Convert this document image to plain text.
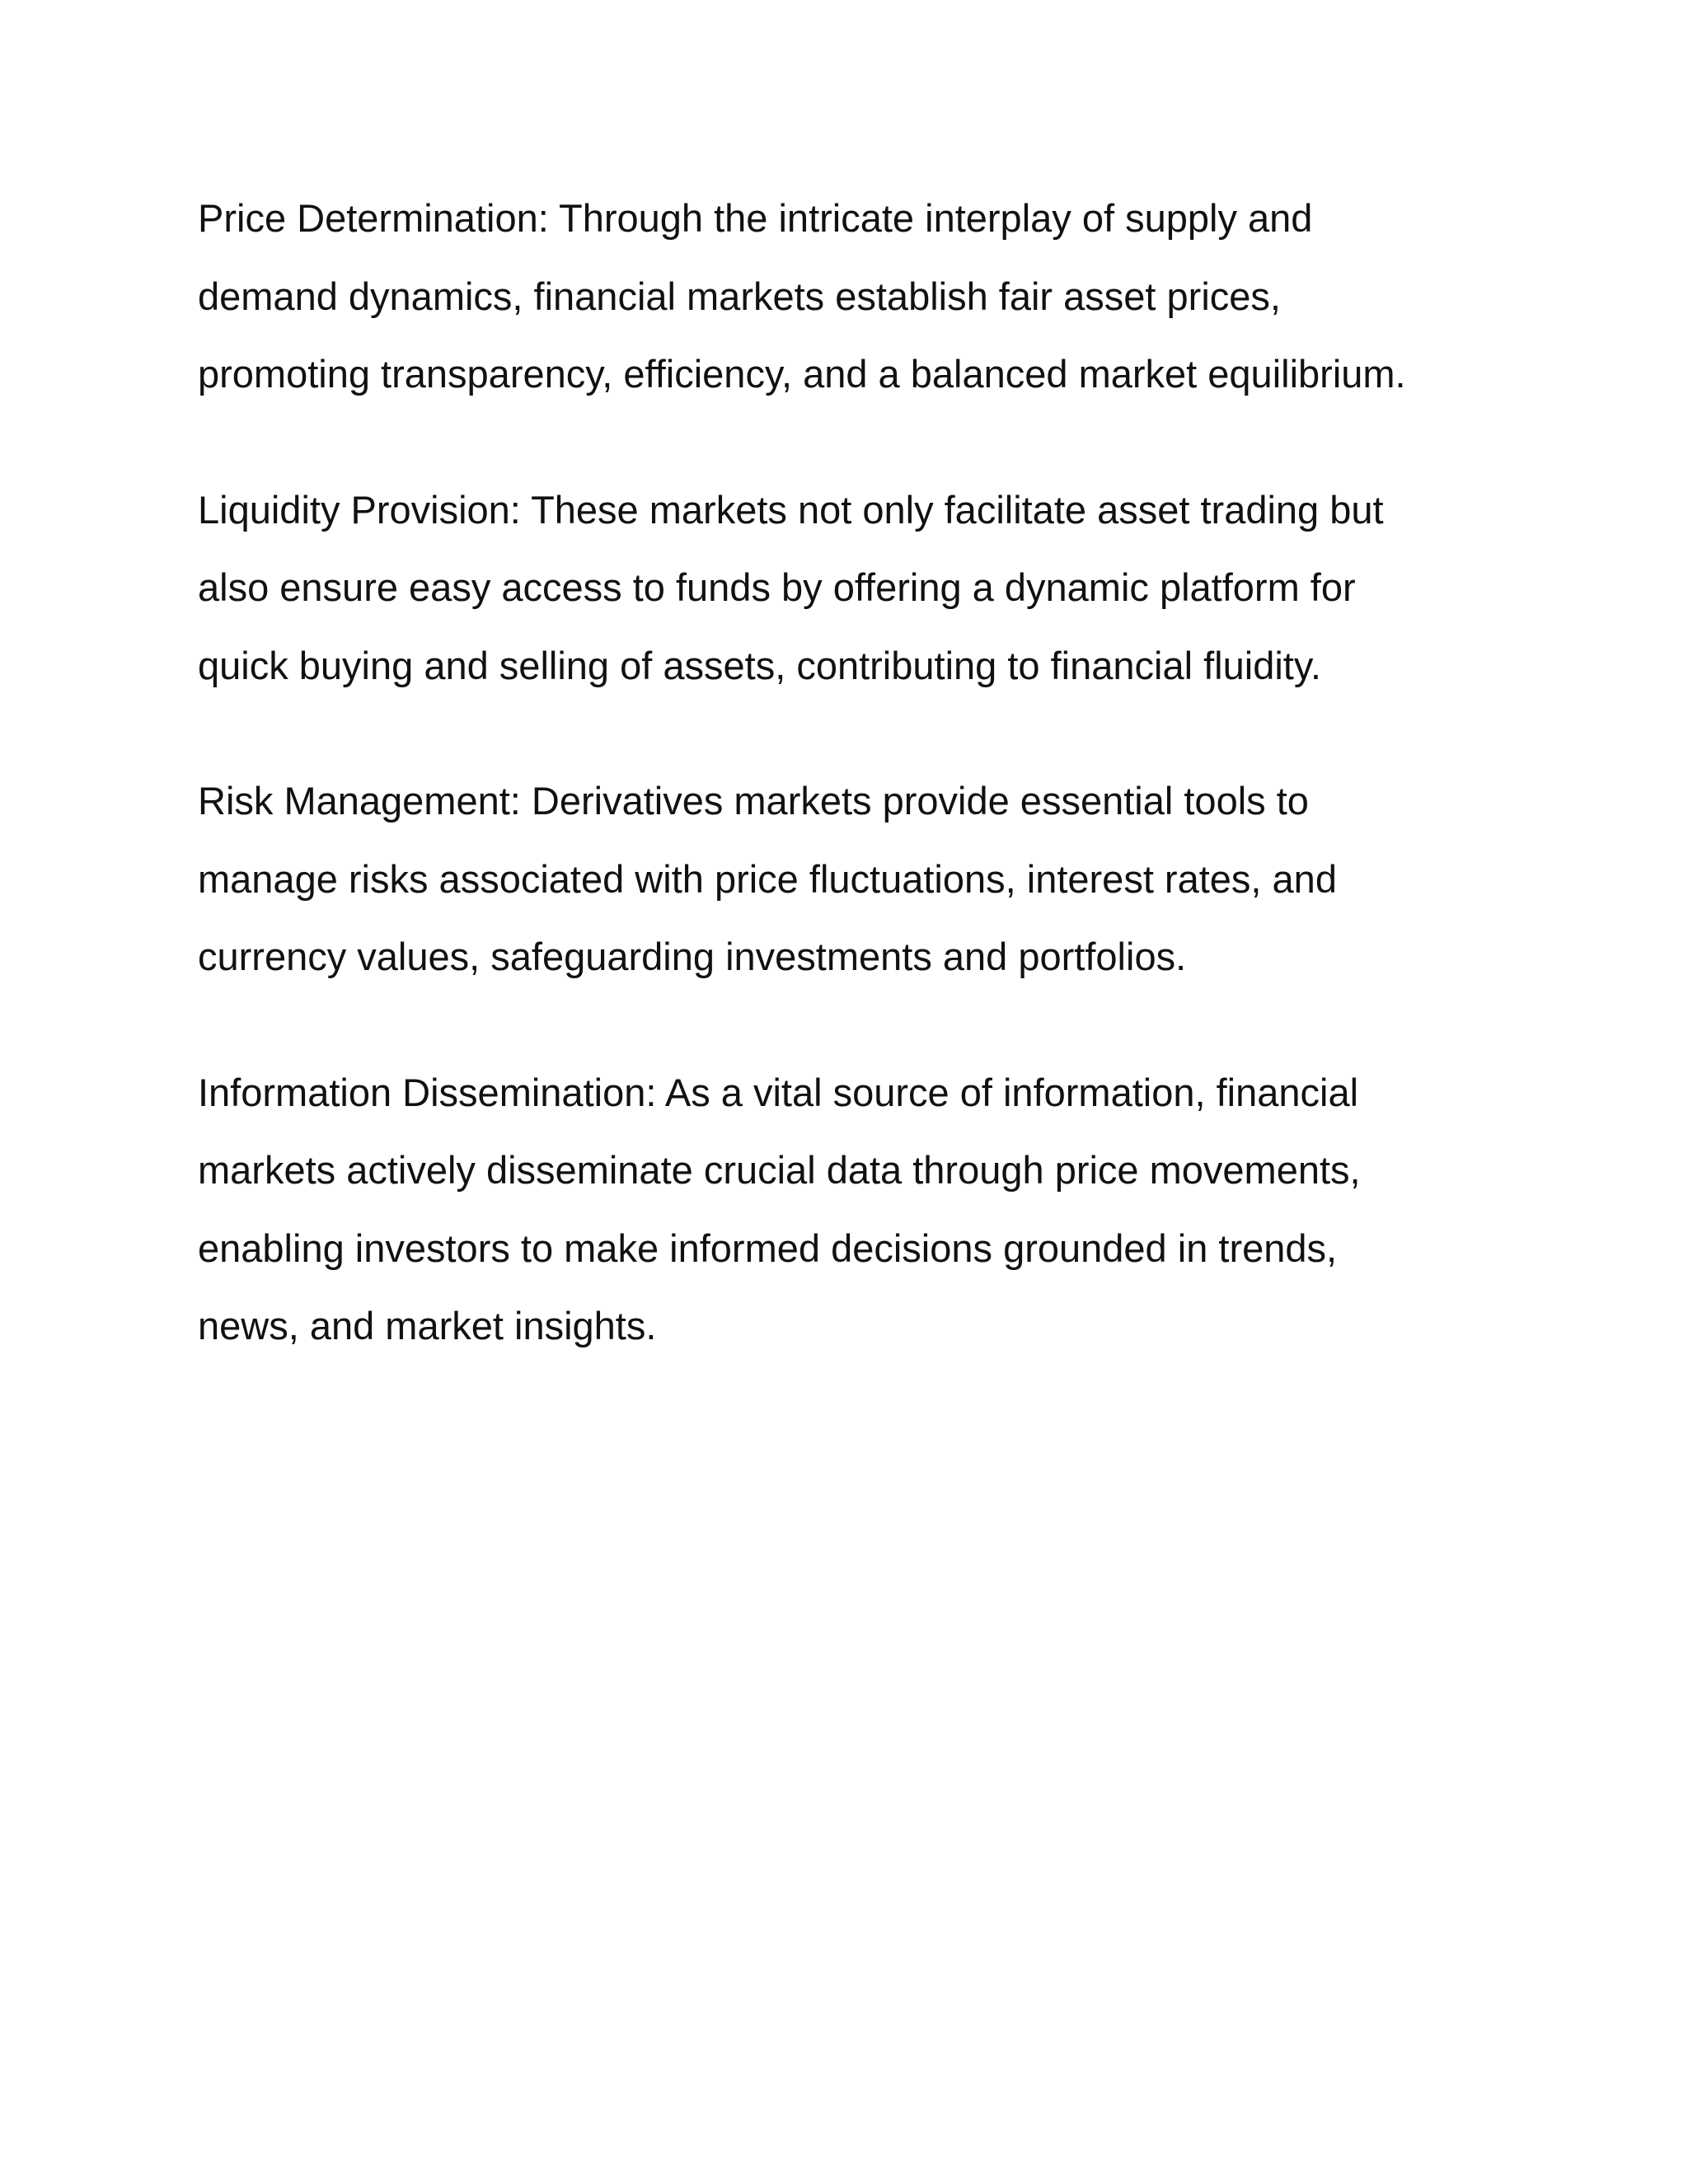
Price Determination: Through the intricate interplay of supply and
demand dynamics, financial markets establish fair asset prices,
promoting transparency, efficiency, and a balanced market equilibrium.

Liquidity Provision: These markets not only facilitate asset trading but
also ensure easy access to funds by offering a dynamic platform for
quick buying and selling of assets, contributing to financial fluidity.

Risk Management: Derivatives markets provide essential tools to
manage risks associated with price fluctuations, interest rates, and
currency values, safeguarding investments and portfolios.

Information Dissemination: As a vital source of information, financial
markets actively disseminate crucial data through price movements,
enabling investors to make informed decisions grounded in trends,
news, and market insights.
